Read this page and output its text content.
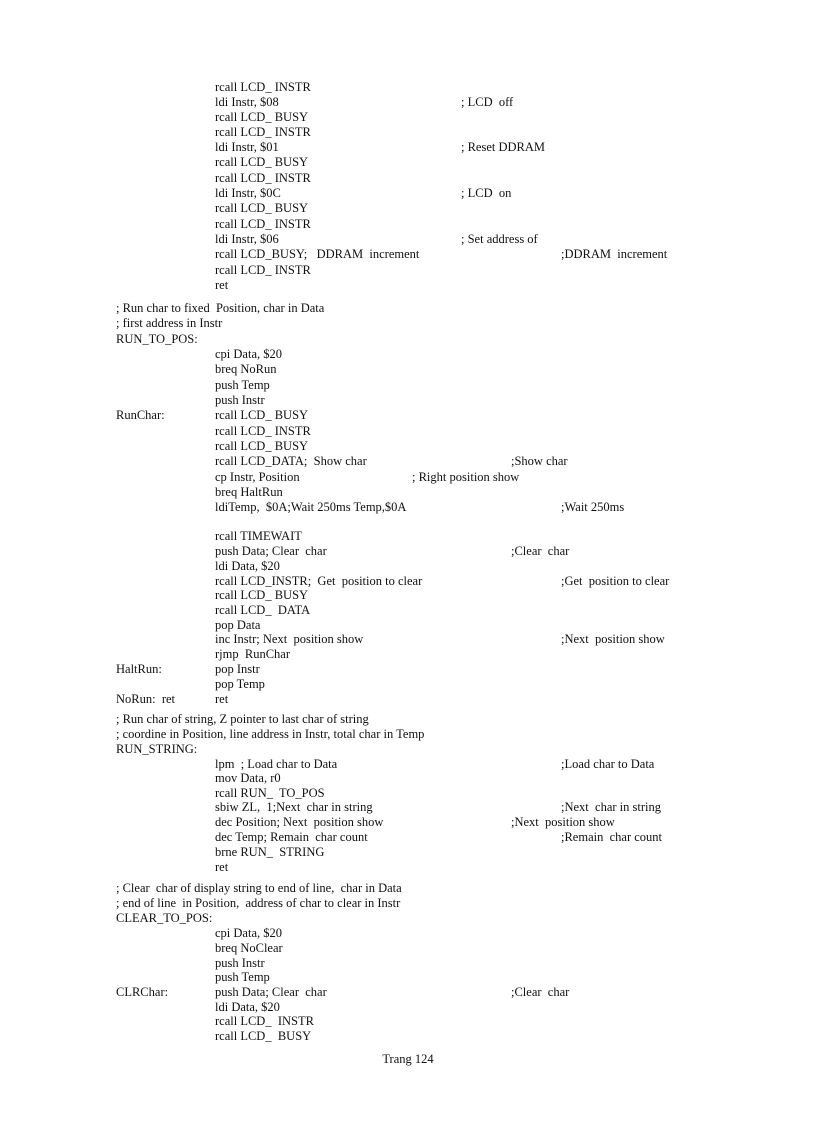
rcall LCD_ INSTR
ldi Instr, $08	; LCD  off
rcall LCD_ BUSY
rcall LCD_ INSTR
ldi Instr, $01	; Reset DDRAM
rcall LCD_ BUSY
rcall LCD_ INSTR
ldi Instr, $0C	; LCD  on
rcall LCD_ BUSY
rcall LCD_ INSTR
ldi Instr, $06	; Set address of
rcall LCD_BUSY;   DDRAM  increment	;DDRAM  increment
rcall LCD_ INSTR
ret
; Run char to fixed  Position, char in Data
; first address in Instr
RUN_TO_POS:
cpi Data, $20
breq NoRun
push Temp
push Instr
RunChar:	rcall LCD_ BUSY
rcall LCD_ INSTR
rcall LCD_ BUSY
rcall LCD_DATA;  Show char	;Show char
cp Instr, Position	; Right position show
breq HaltRun
ldiTemp,  $0A;Wait 250ms Temp,$0A	;Wait 250ms
rcall TIMEWAIT
push Data; Clear  char	;Clear  char
ldi Data, $20
rcall LCD_INSTR;  Get  position to clear	;Get  position to clear
rcall LCD_ BUSY
rcall LCD_  DATA
pop Data
inc Instr; Next  position show	;Next  position show
rjmp  RunChar
HaltRun:	pop Instr
pop Temp
NoRun:  ret	ret
; Run char of string, Z pointer to last char of string
; coordine in Position, line address in Instr, total char in Temp
RUN_STRING:
lpm  ; Load char to Data	;Load char to Data
mov Data, r0
rcall RUN_  TO_POS
sbiw ZL,  1;Next  char in string	;Next  char in string
dec Position; Next  position show	;Next  position show
dec Temp; Remain  char count	;Remain  char count
brne RUN_  STRING
ret
; Clear  char of display string to end of line,  char in Data
; end of line  in Position,  address of char to clear in Instr
CLEAR_TO_POS:
cpi Data, $20
breq NoClear
push Instr
push Temp
CLRChar:	push Data; Clear  char	;Clear  char
ldi Data, $20
rcall LCD_  INSTR
rcall LCD_  BUSY
Trang 124
